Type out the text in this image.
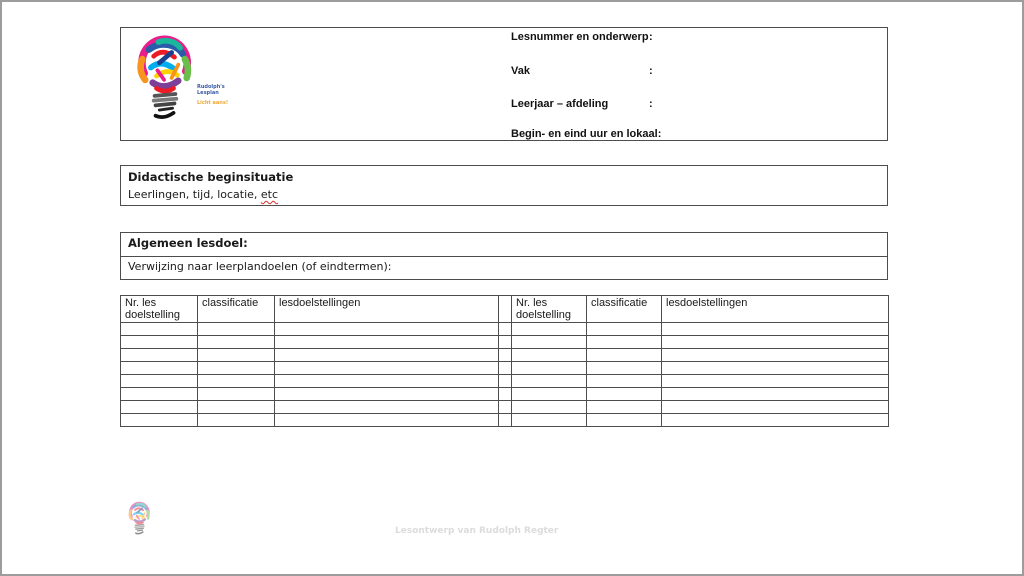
Rudolph's
Lesplan
Licht aans!
Lesnummer en onderwerp :
Vak	:
Leerjaar – afdeling	:
Begin- en eind uur en lokaal :
Didactische beginsituatie
Leerlingen, tijd, locatie, etc
Algemeen lesdoel:
Verwijzing naar leerplandoelen (of eindtermen):
Nr. les doelstelling	classificatie	lesdoelstellingen		Nr. les doelstelling	classificatie	lesdoelstellingen

Lesontwerp van Rudolph Regter
